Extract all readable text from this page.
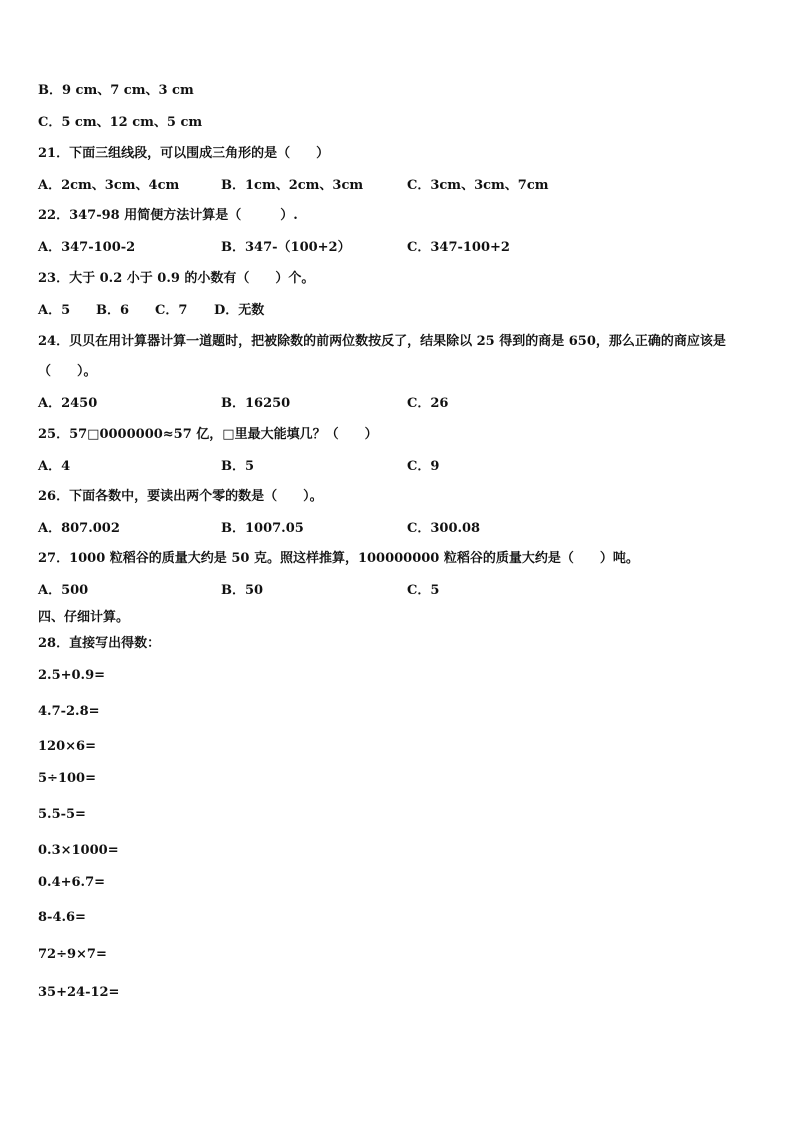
B．9 cm、7 cm、3 cm
C．5 cm、12 cm、5 cm
21．下面三组线段，可以围成三角形的是（　　）
A．2cm、3cm、4cm	B．1cm、2cm、3cm	C．3cm、3cm、7cm
22．347-98 用简便方法计算是（　　　）.
A．347-100-2	B．347-（100+2）	C．347-100+2
23．大于 0.2 小于 0.9 的小数有（　　）个。
A．5 B．6 C．7 D．无数
24．贝贝在用计算器计算一道题时，把被除数的前两位数按反了，结果除以 25 得到的商是 650，那么正确的商应该是
（　　）。
A．2450	B．16250	C．26
25．57□0000000≈57 亿，□里最大能填几？（　　）
A．4	B．5	C．9
26．下面各数中，要读出两个零的数是（　　）。
A．807.002	B．1007.05	C．300.08
27．1000 粒稻谷的质量大约是 50 克。照这样推算，100000000 粒稻谷的质量大约是（　　）吨。
A．500	B．50	C．5
四、仔细计算。
28．直接写出得数：
2.5+0.9=
4.7-2.8=
120×6=
5÷100=
5.5-5=
0.3×1000=
0.4+6.7=
8-4.6=
72÷9×7=
35+24-12=
